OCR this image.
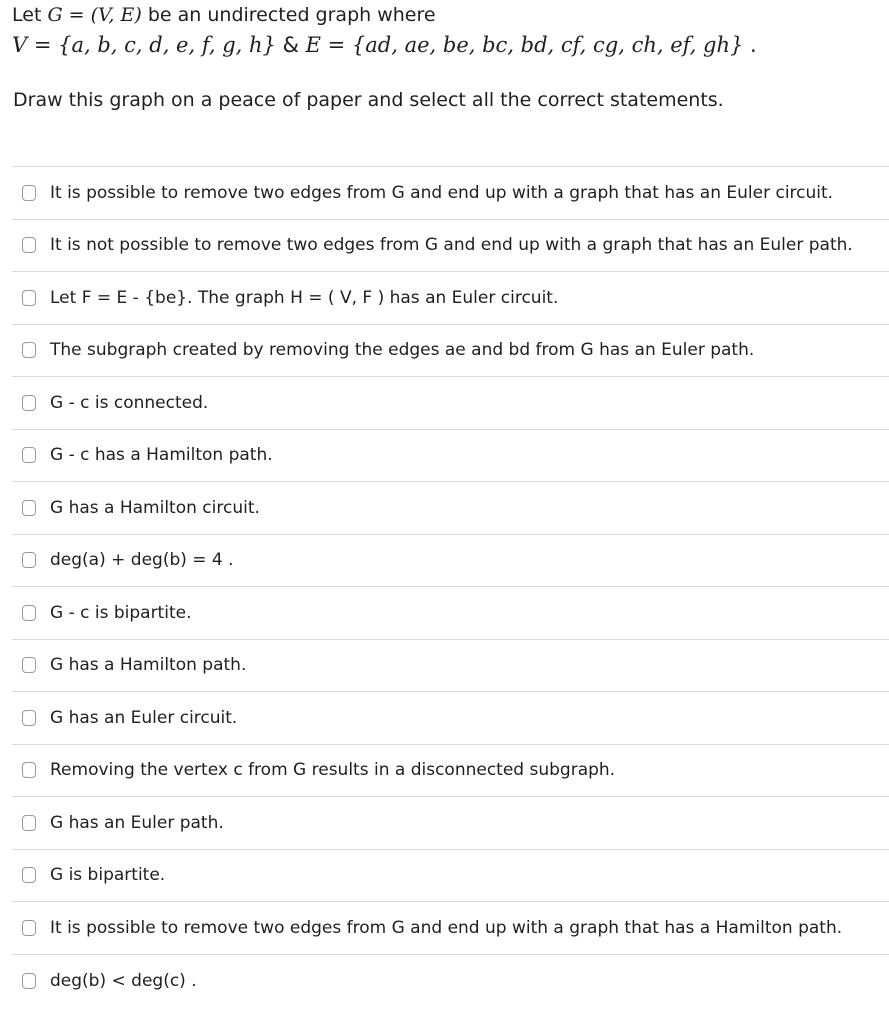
Let G = (V, E) be an undirected graph where
V = {a, b, c, d, e, f, g, h} & E = {ad, ae, be, bc, bd, cf, cg, ch, ef, gh} .
Draw this graph on a peace of paper and select all the correct statements.
It is possible to remove two edges from G and end up with a graph that has an Euler circuit.
It is not possible to remove two edges from G and end up with a graph that has an Euler path.
Let F = E - {be}. The graph H = ( V, F ) has an Euler circuit.
The subgraph created by removing the edges ae and bd from G has an Euler path.
G - c is connected.
G - c has a Hamilton path.
G has a Hamilton circuit.
deg(a) + deg(b) = 4 .
G - c is bipartite.
G has a Hamilton path.
G has an Euler circuit.
Removing the vertex c from G results in a disconnected subgraph.
G has an Euler path.
G is bipartite.
It is possible to remove two edges from G and end up with a graph that has a Hamilton path.
deg(b) < deg(c) .
